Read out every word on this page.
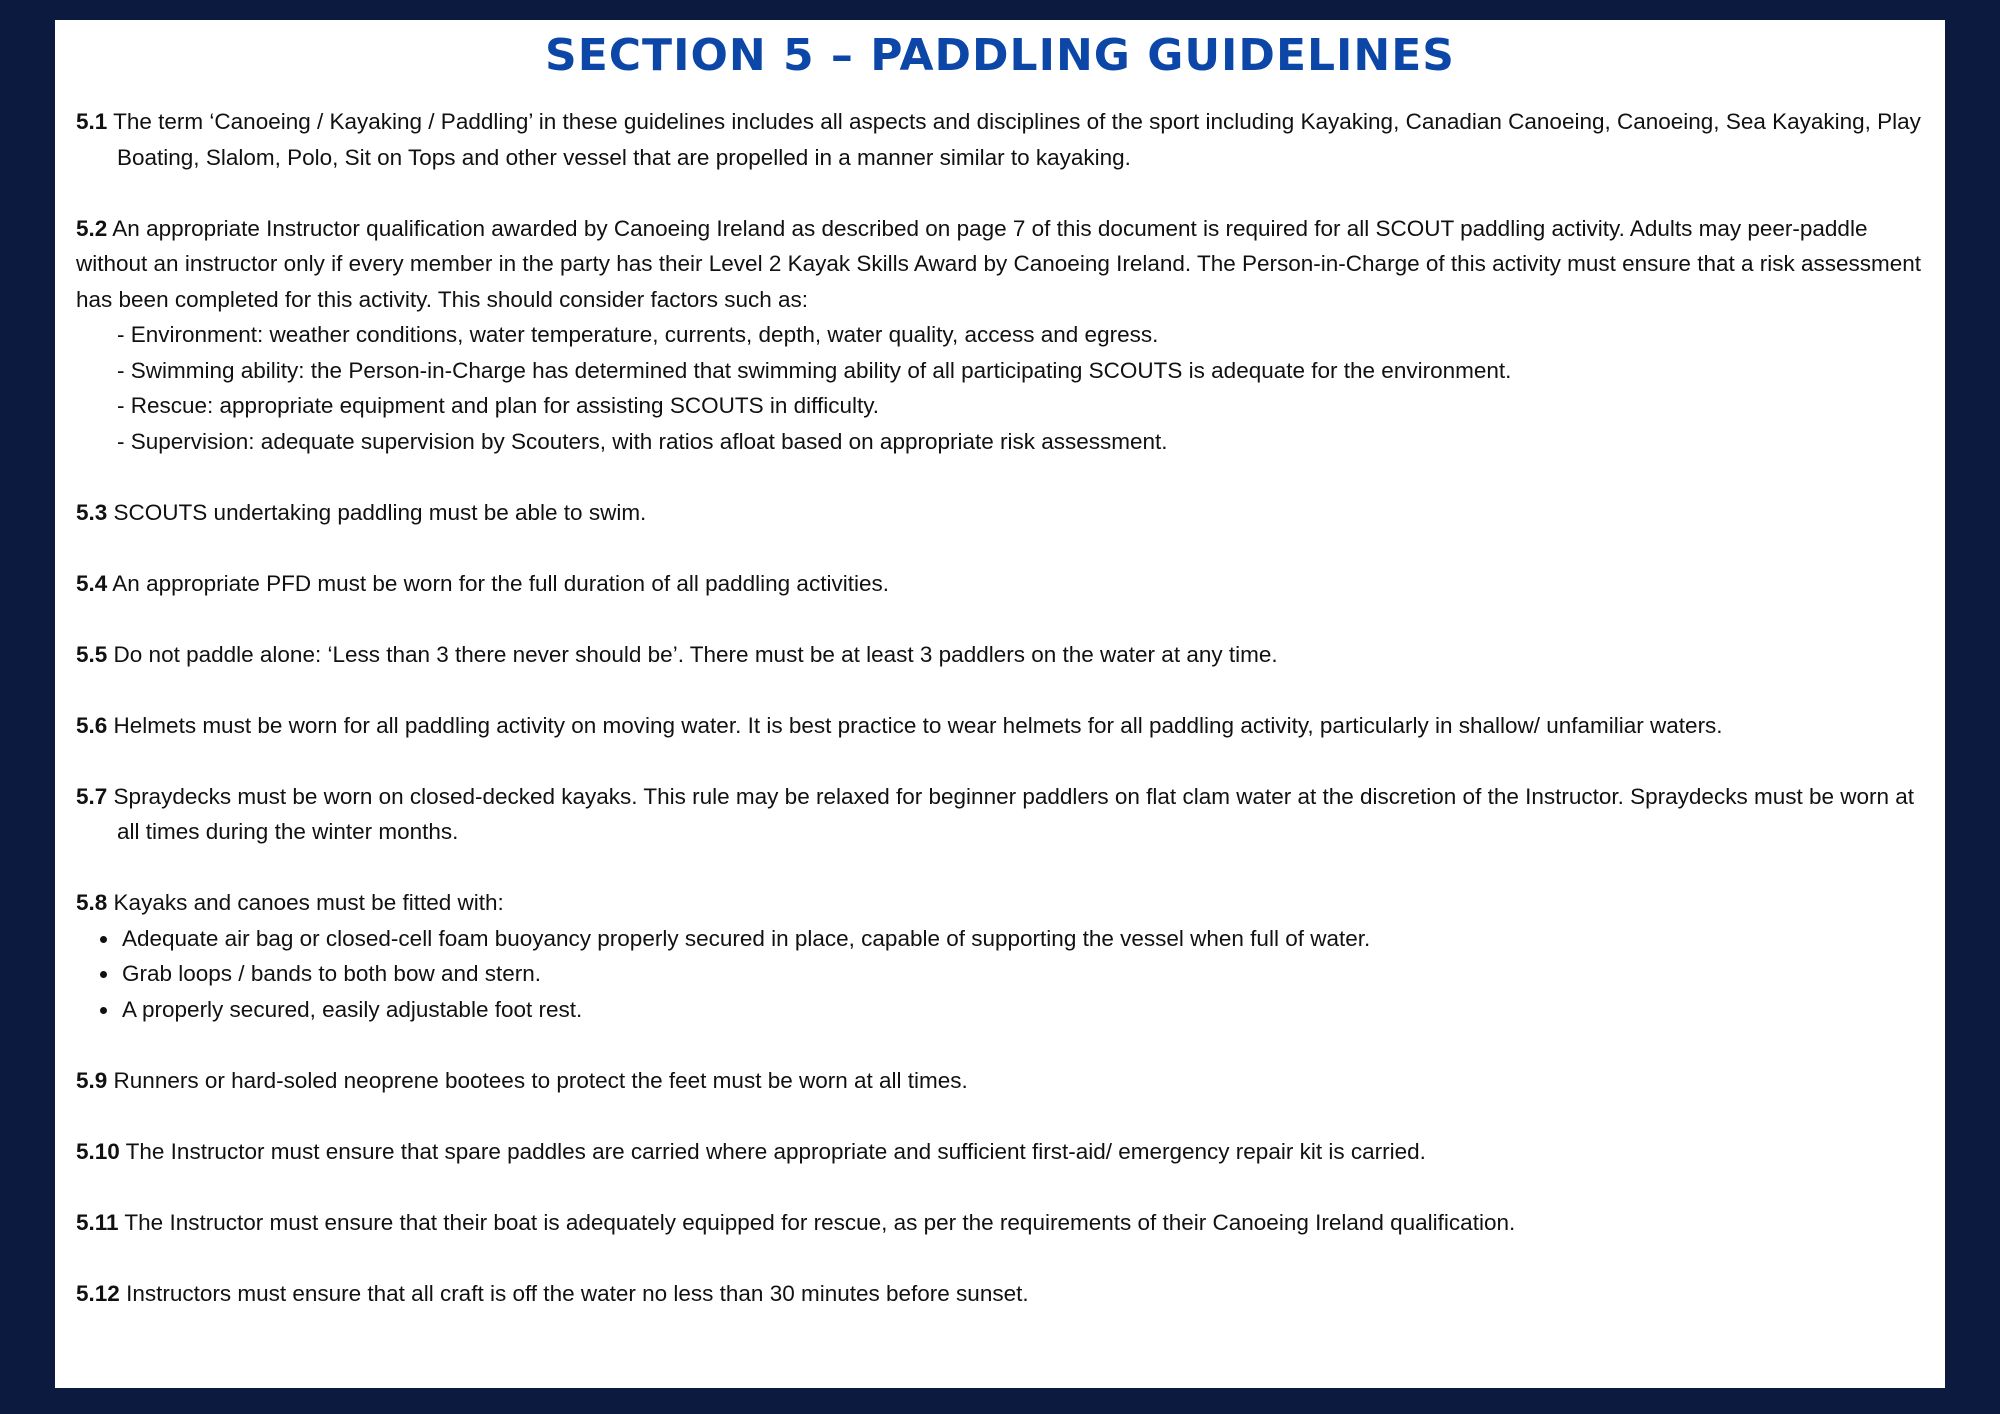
SECTION 5 – PADDLING GUIDELINES

5.1 The term ‘Canoeing / Kayaking / Paddling’ in these guidelines includes all aspects and disciplines of the sport including Kayaking, Canadian Canoeing, Canoeing, Sea Kayaking, Play Boating, Slalom, Polo, Sit on Tops and other vessel that are propelled in a manner similar to kayaking.

5.2 An appropriate Instructor qualification awarded by Canoeing Ireland as described on page 7 of this document is required for all SCOUT paddling activity. Adults may peer-paddle without an instructor only if every member in the party has their Level 2 Kayak Skills Award by Canoeing Ireland. The Person-in-Charge of this activity must ensure that a risk assessment has been completed for this activity. This should consider factors such as:

- Environment: weather conditions, water temperature, currents, depth, water quality, access and egress.
- Swimming ability: the Person-in-Charge has determined that swimming ability of all participating SCOUTS is adequate for the environment.
- Rescue: appropriate equipment and plan for assisting SCOUTS in difficulty.
- Supervision: adequate supervision by Scouters, with ratios afloat based on appropriate risk assessment.

5.3 SCOUTS undertaking paddling must be able to swim.

5.4 An appropriate PFD must be worn for the full duration of all paddling activities.

5.5 Do not paddle alone: ‘Less than 3 there never should be’. There must be at least 3 paddlers on the water at any time.

5.6 Helmets must be worn for all paddling activity on moving water. It is best practice to wear helmets for all paddling activity, particularly in shallow/ unfamiliar waters.

5.7 Spraydecks must be worn on closed-decked kayaks. This rule may be relaxed for beginner paddlers on flat clam water at the discretion of the Instructor. Spraydecks must be worn at all times during the winter months.

5.8 Kayaks and canoes must be fitted with:

• Adequate air bag or closed-cell foam buoyancy properly secured in place, capable of supporting the vessel when full of water.
• Grab loops / bands to both bow and stern.
• A properly secured, easily adjustable foot rest.

5.9 Runners or hard-soled neoprene bootees to protect the feet must be worn at all times.

5.10 The Instructor must ensure that spare paddles are carried where appropriate and sufficient first-aid/ emergency repair kit is carried.

5.11 The Instructor must ensure that their boat is adequately equipped for rescue, as per the requirements of their Canoeing Ireland qualification.

5.12 Instructors must ensure that all craft is off the water no less than 30 minutes before sunset.
